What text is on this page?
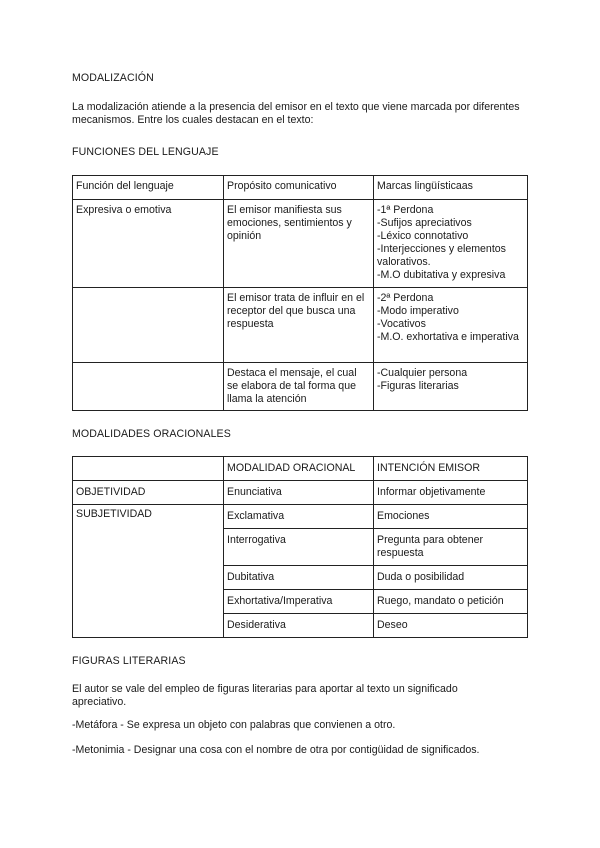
MODALIZACIÓN

La modalización atiende a la presencia del emisor en el texto que viene marcada por diferentes mecanismos. Entre los cuales destacan en el texto:

FUNCIONES DEL LENGUAJE
Función del lenguaje	Propósito comunicativo	Marcas lingüísticaas
Expresiva o emotiva	El emisor manifiesta sus emociones, sentimientos y opinión	-1ª Perdona
-Sufijos apreciativos
-Léxico connotativo
-Interjecciones y elementos valorativos.
-M.O dubitativa y expresiva
	El emisor trata de influir en el receptor del que busca una respuesta	-2ª Perdona
-Modo imperativo
-Vocativos
-M.O. exhortativa e imperativa
	Destaca el mensaje, el cual se elabora de tal forma que llama la atención	-Cualquier persona
-Figuras literarias
MODALIDADES ORACIONALES
	MODALIDAD ORACIONAL	INTENCIÓN EMISOR
OBJETIVIDAD	Enunciativa	Informar objetivamente
SUBJETIVIDAD	Exclamativa	Emociones
	Interrogativa	Pregunta para obtener respuesta
	Dubitativa	Duda o posibilidad
	Exhortativa/Imperativa	Ruego, mandato o petición
	Desiderativa	Deseo
FIGURAS LITERARIAS

El autor se vale del empleo de figuras literarias para aportar al texto un significado apreciativo.

-Metáfora - Se expresa un objeto con palabras que convienen a otro.

-Metonimia - Designar una cosa con el nombre de otra por contigüidad de significados.
